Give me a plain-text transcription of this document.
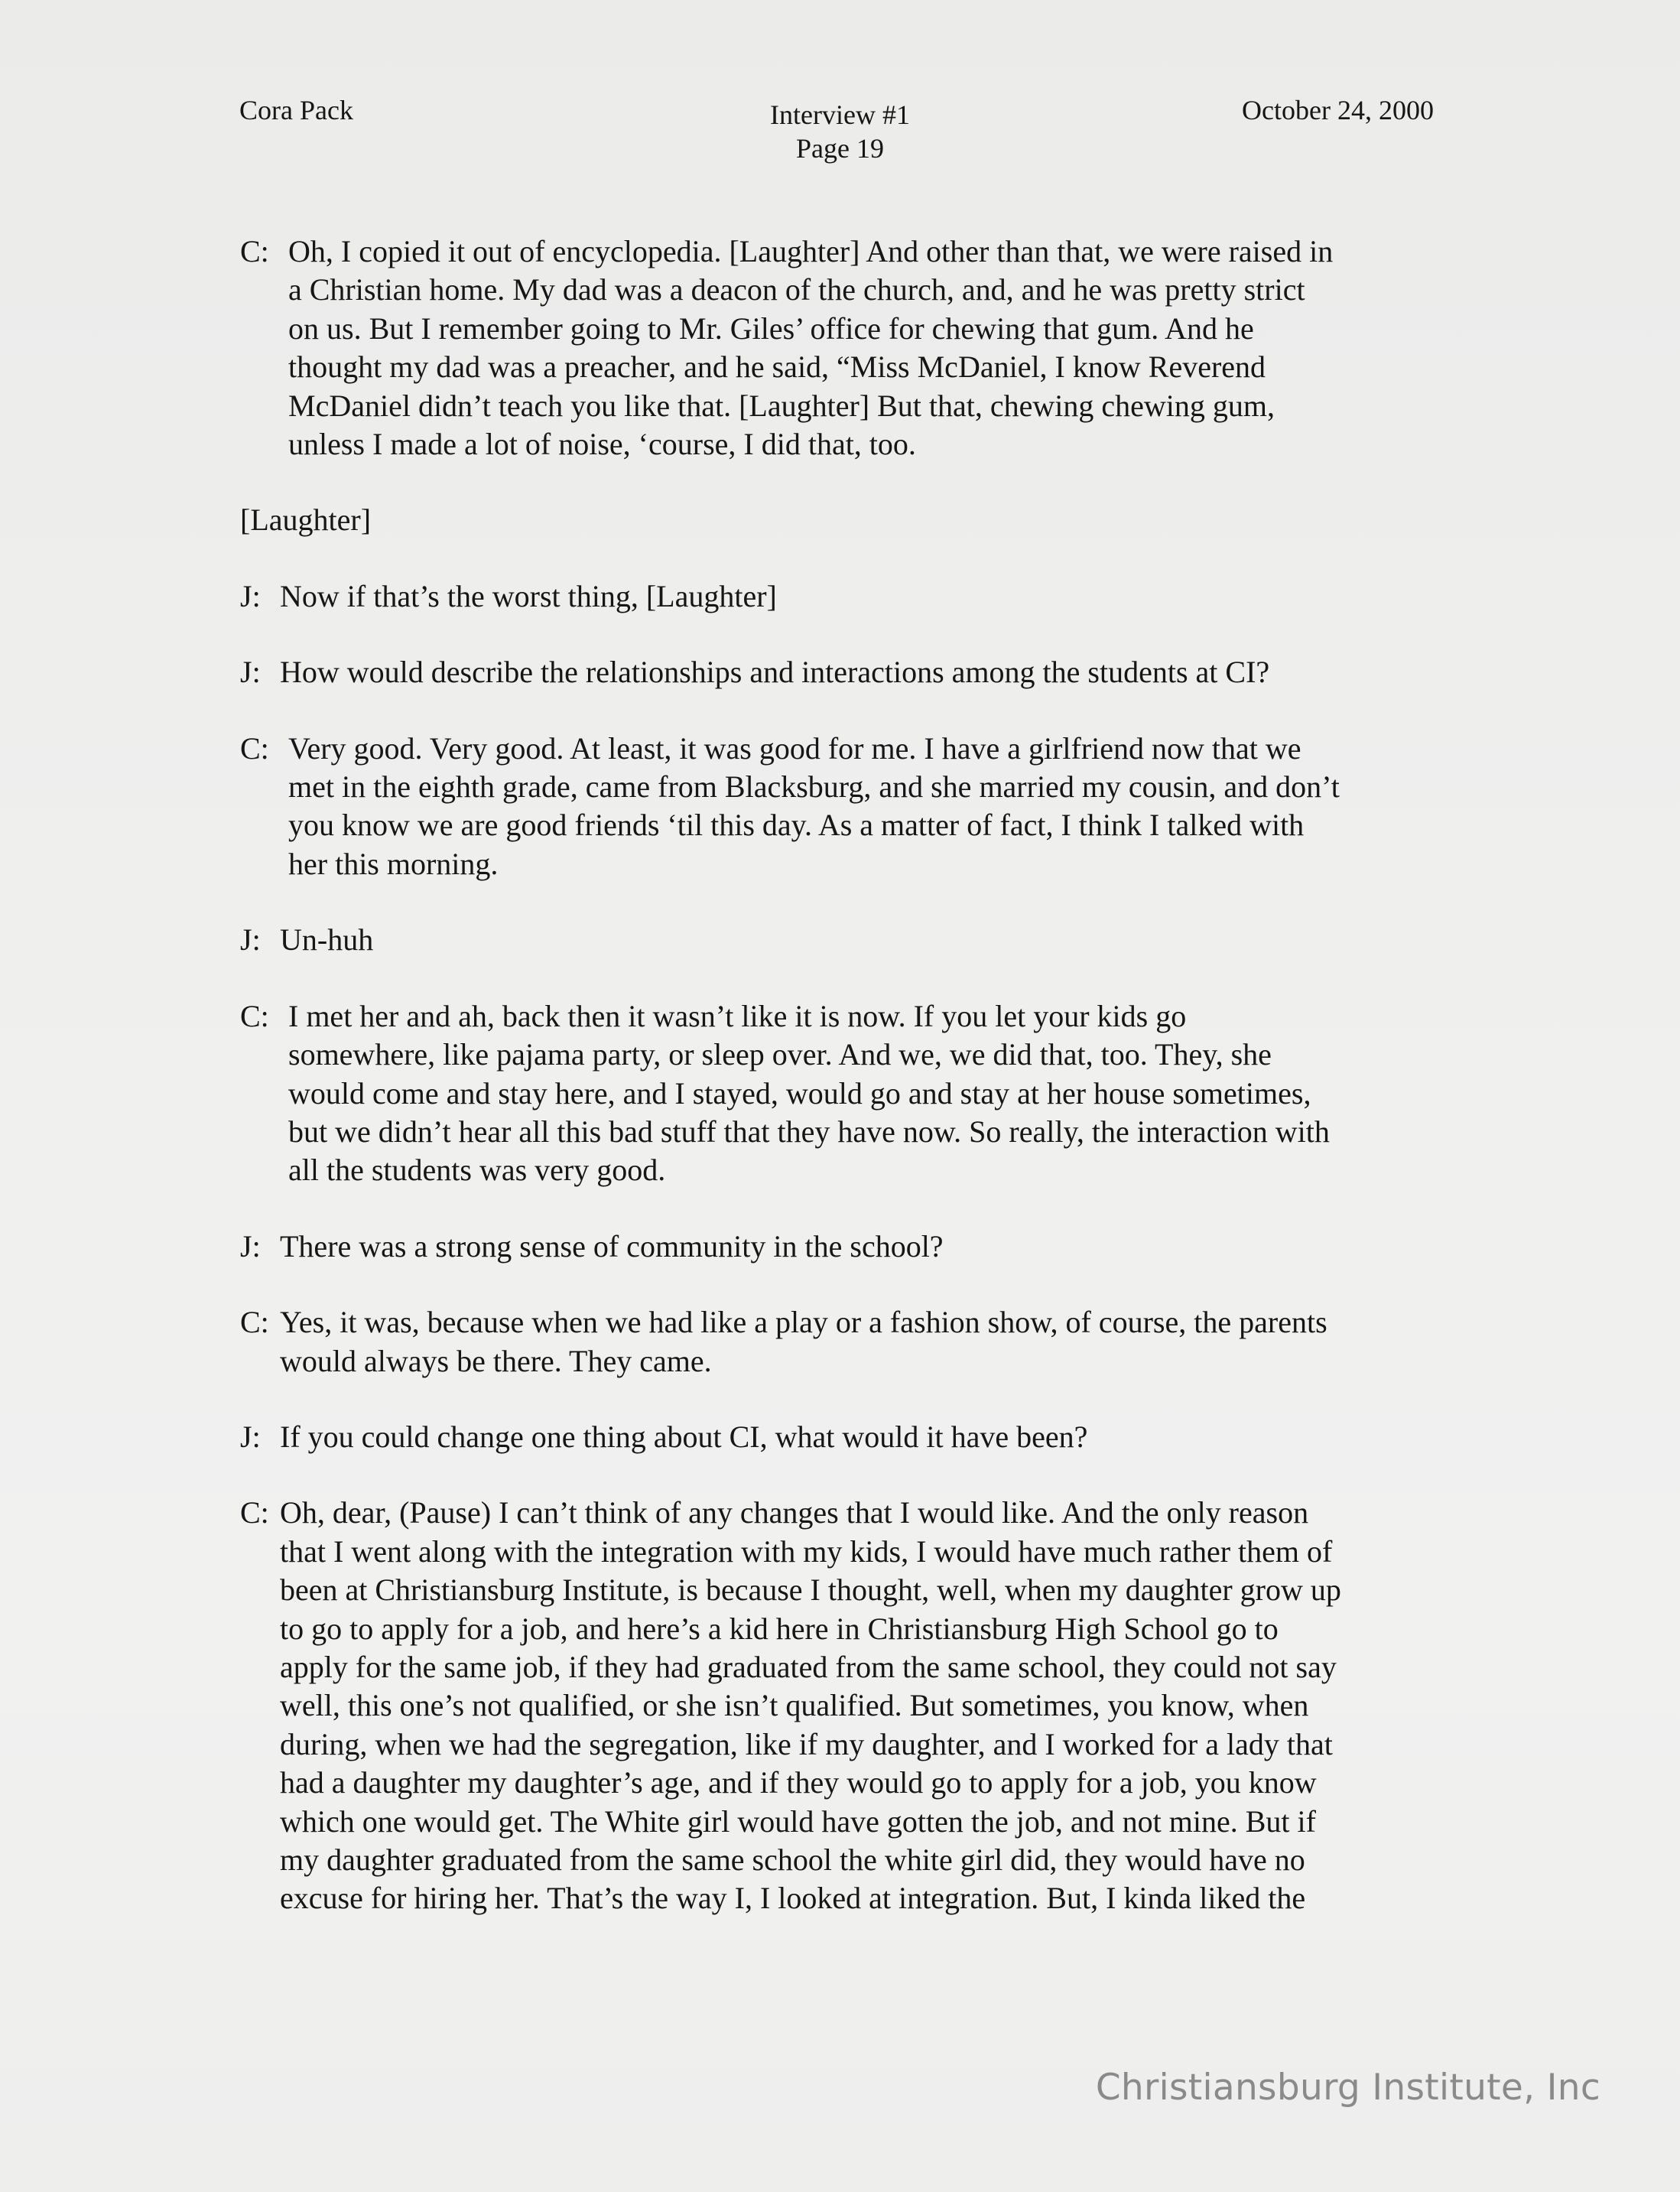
Cora Pack	Interview #1
Page 19
October 24, 2000
C: Oh, I copied it out of encyclopedia. [Laughter] And other than that, we were raised in
a Christian home. My dad was a deacon of the church, and, and he was pretty strict
on us. But I remember going to Mr. Giles’ office for chewing that gum. And he
thought my dad was a preacher, and he said, “Miss McDaniel, I know Reverend
McDaniel didn’t teach you like that. [Laughter] But that, chewing chewing gum,
unless I made a lot of noise, ‘course, I did that, too.
[Laughter]
J: Now if that’s the worst thing, [Laughter]
J: How would describe the relationships and interactions among the students at CI?
C: Very good. Very good. At least, it was good for me. I have a girlfriend now that we
met in the eighth grade, came from Blacksburg, and she married my cousin, and don’t
you know we are good friends ‘til this day. As a matter of fact, I think I talked with
her this morning.
J: Un-huh
C: I met her and ah, back then it wasn’t like it is now. If you let your kids go
somewhere, like pajama party, or sleep over. And we, we did that, too. They, she
would come and stay here, and I stayed, would go and stay at her house sometimes,
but we didn’t hear all this bad stuff that they have now. So really, the interaction with
all the students was very good.
J: There was a strong sense of community in the school?
C: Yes, it was, because when we had like a play or a fashion show, of course, the parents
would always be there. They came.
J: If you could change one thing about CI, what would it have been?
C: Oh, dear, (Pause) I can’t think of any changes that I would like. And the only reason
that I went along with the integration with my kids, I would have much rather them of
been at Christiansburg Institute, is because I thought, well, when my daughter grow up
to go to apply for a job, and here’s a kid here in Christiansburg High School go to
apply for the same job, if they had graduated from the same school, they could not say
well, this one’s not qualified, or she isn’t qualified. But sometimes, you know, when
during, when we had the segregation, like if my daughter, and I worked for a lady that
had a daughter my daughter’s age, and if they would go to apply for a job, you know
which one would get. The White girl would have gotten the job, and not mine. But if
my daughter graduated from the same school the white girl did, they would have no
excuse for hiring her. That’s the way I, I looked at integration. But, I kinda liked the
Christiansburg Institute, Inc
